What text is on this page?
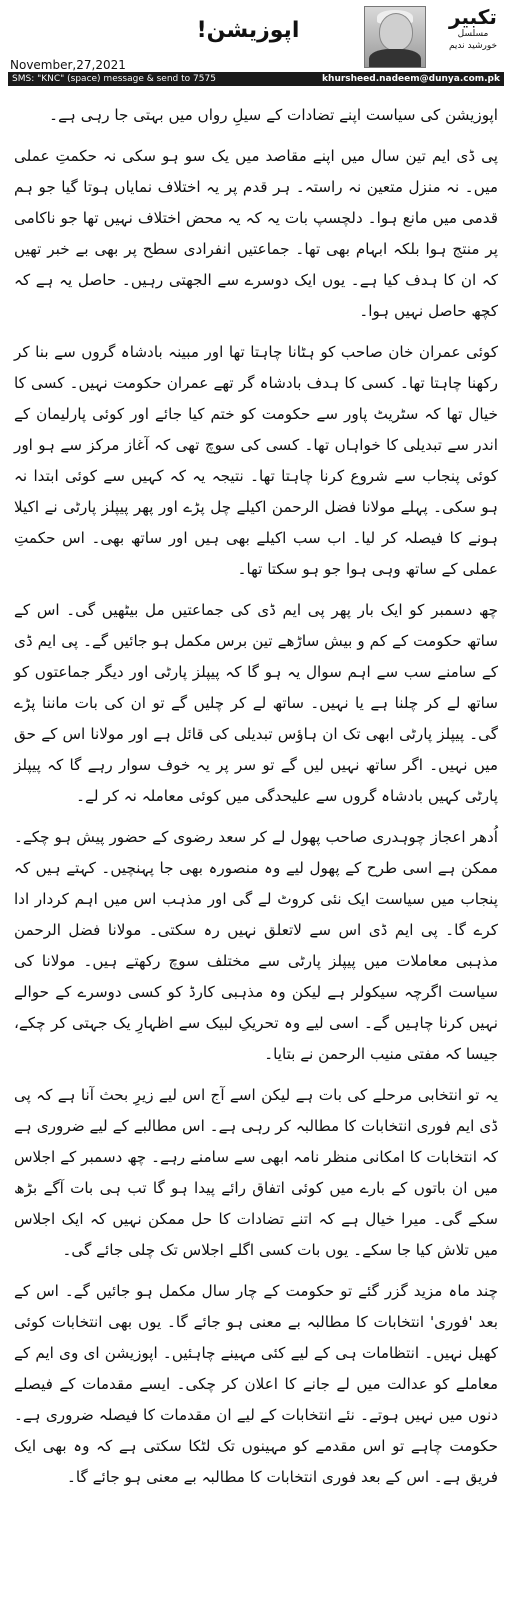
تکبیر
مسلسل
خورشید ندیم
اپوزیشن!
November,27,2021
SMS: "KNC" (space) message & send to 7575	khursheed.nadeem@dunya.com.pk

اپوزیشن کی سیاست اپنے تضادات کے سیلِ رواں میں بہتی جا رہی ہے۔

پی ڈی ایم تین سال میں اپنے مقاصد میں یک سو ہو سکی نہ حکمتِ عملی میں۔ نہ منزل متعین نہ راستہ۔ ہر قدم پر یہ اختلاف نمایاں ہوتا گیا جو ہم قدمی میں مانع ہوا۔ دلچسپ بات یہ کہ یہ محض اختلاف نہیں تھا جو ناکامی پر منتج ہوا بلکہ ابہام بھی تھا۔ جماعتیں انفرادی سطح پر بھی بے خبر تھیں کہ ان کا ہدف کیا ہے۔ یوں ایک دوسرے سے الجھتی رہیں۔ حاصل یہ ہے کہ کچھ حاصل نہیں ہوا۔

کوئی عمران خان صاحب کو ہٹانا چاہتا تھا اور مبینہ بادشاہ گروں سے بنا کر رکھنا چاہتا تھا۔ کسی کا ہدف بادشاہ گر تھے عمران حکومت نہیں۔ کسی کا خیال تھا کہ سٹریٹ پاور سے حکومت کو ختم کیا جائے اور کوئی پارلیمان کے اندر سے تبدیلی کا خواہاں تھا۔ کسی کی سوچ تھی کہ آغاز مرکز سے ہو اور کوئی پنجاب سے شروع کرنا چاہتا تھا۔ نتیجہ یہ کہ کہیں سے کوئی ابتدا نہ ہو سکی۔ پہلے مولانا فضل الرحمن اکیلے چل پڑے اور پھر پیپلز پارٹی نے اکیلا ہونے کا فیصلہ کر لیا۔ اب سب اکیلے بھی ہیں اور ساتھ بھی۔ اس حکمتِ عملی کے ساتھ وہی ہوا جو ہو سکتا تھا۔

چھ دسمبر کو ایک بار پھر پی ایم ڈی کی جماعتیں مل بیٹھیں گی۔ اس کے ساتھ حکومت کے کم و بیش ساڑھے تین برس مکمل ہو جائیں گے۔ پی ایم ڈی کے سامنے سب سے اہم سوال یہ ہو گا کہ پیپلز پارٹی اور دیگر جماعتوں کو ساتھ لے کر چلنا ہے یا نہیں۔ ساتھ لے کر چلیں گے تو ان کی بات ماننا پڑے گی۔ پیپلز پارٹی ابھی تک ان ہاؤس تبدیلی کی قائل ہے اور مولانا اس کے حق میں نہیں۔ اگر ساتھ نہیں لیں گے تو سر پر یہ خوف سوار رہے گا کہ پیپلز پارٹی کہیں بادشاہ گروں سے علیحدگی میں کوئی معاملہ نہ کر لے۔

اُدھر اعجاز چوہدری صاحب پھول لے کر سعد رضوی کے حضور پیش ہو چکے۔ ممکن ہے اسی طرح کے پھول لیے وہ منصورہ بھی جا پہنچیں۔ کہتے ہیں کہ پنجاب میں سیاست ایک نئی کروٹ لے گی اور مذہب اس میں اہم کردار ادا کرے گا۔ پی ایم ڈی اس سے لاتعلق نہیں رہ سکتی۔ مولانا فضل الرحمن مذہبی معاملات میں پیپلز پارٹی سے مختلف سوچ رکھتے ہیں۔ مولانا کی سیاست اگرچہ سیکولر ہے لیکن وہ مذہبی کارڈ کو کسی دوسرے کے حوالے نہیں کرنا چاہیں گے۔ اسی لیے وہ تحریکِ لبیک سے اظہارِ یک جہتی کر چکے، جیسا کہ مفتی منیب الرحمن نے بتایا۔

یہ تو انتخابی مرحلے کی بات ہے لیکن اسے آج اس لیے زیرِ بحث آنا ہے کہ پی ڈی ایم فوری انتخابات کا مطالبہ کر رہی ہے۔ اس مطالبے کے لیے ضروری ہے کہ انتخابات کا امکانی منظر نامہ ابھی سے سامنے رہے۔ چھ دسمبر کے اجلاس میں ان باتوں کے بارے میں کوئی اتفاق رائے پیدا ہو گا تب ہی بات آگے بڑھ سکے گی۔ میرا خیال ہے کہ اتنے تضادات کا حل ممکن نہیں کہ ایک اجلاس میں تلاش کیا جا سکے۔ یوں بات کسی اگلے اجلاس تک چلی جائے گی۔

چند ماہ مزید گزر گئے تو حکومت کے چار سال مکمل ہو جائیں گے۔ اس کے بعد 'فوری' انتخابات کا مطالبہ بے معنی ہو جائے گا۔ یوں بھی انتخابات کوئی کھیل نہیں۔ انتظامات ہی کے لیے کئی مہینے چاہئیں۔ اپوزیشن ای وی ایم کے معاملے کو عدالت میں لے جانے کا اعلان کر چکی۔ ایسے مقدمات کے فیصلے دنوں میں نہیں ہوتے۔ نئے انتخابات کے لیے ان مقدمات کا فیصلہ ضروری ہے۔ حکومت چاہے تو اس مقدمے کو مہینوں تک لٹکا سکتی ہے کہ وہ بھی ایک فریق ہے۔ اس کے بعد فوری انتخابات کا مطالبہ بے معنی ہو جائے گا۔
